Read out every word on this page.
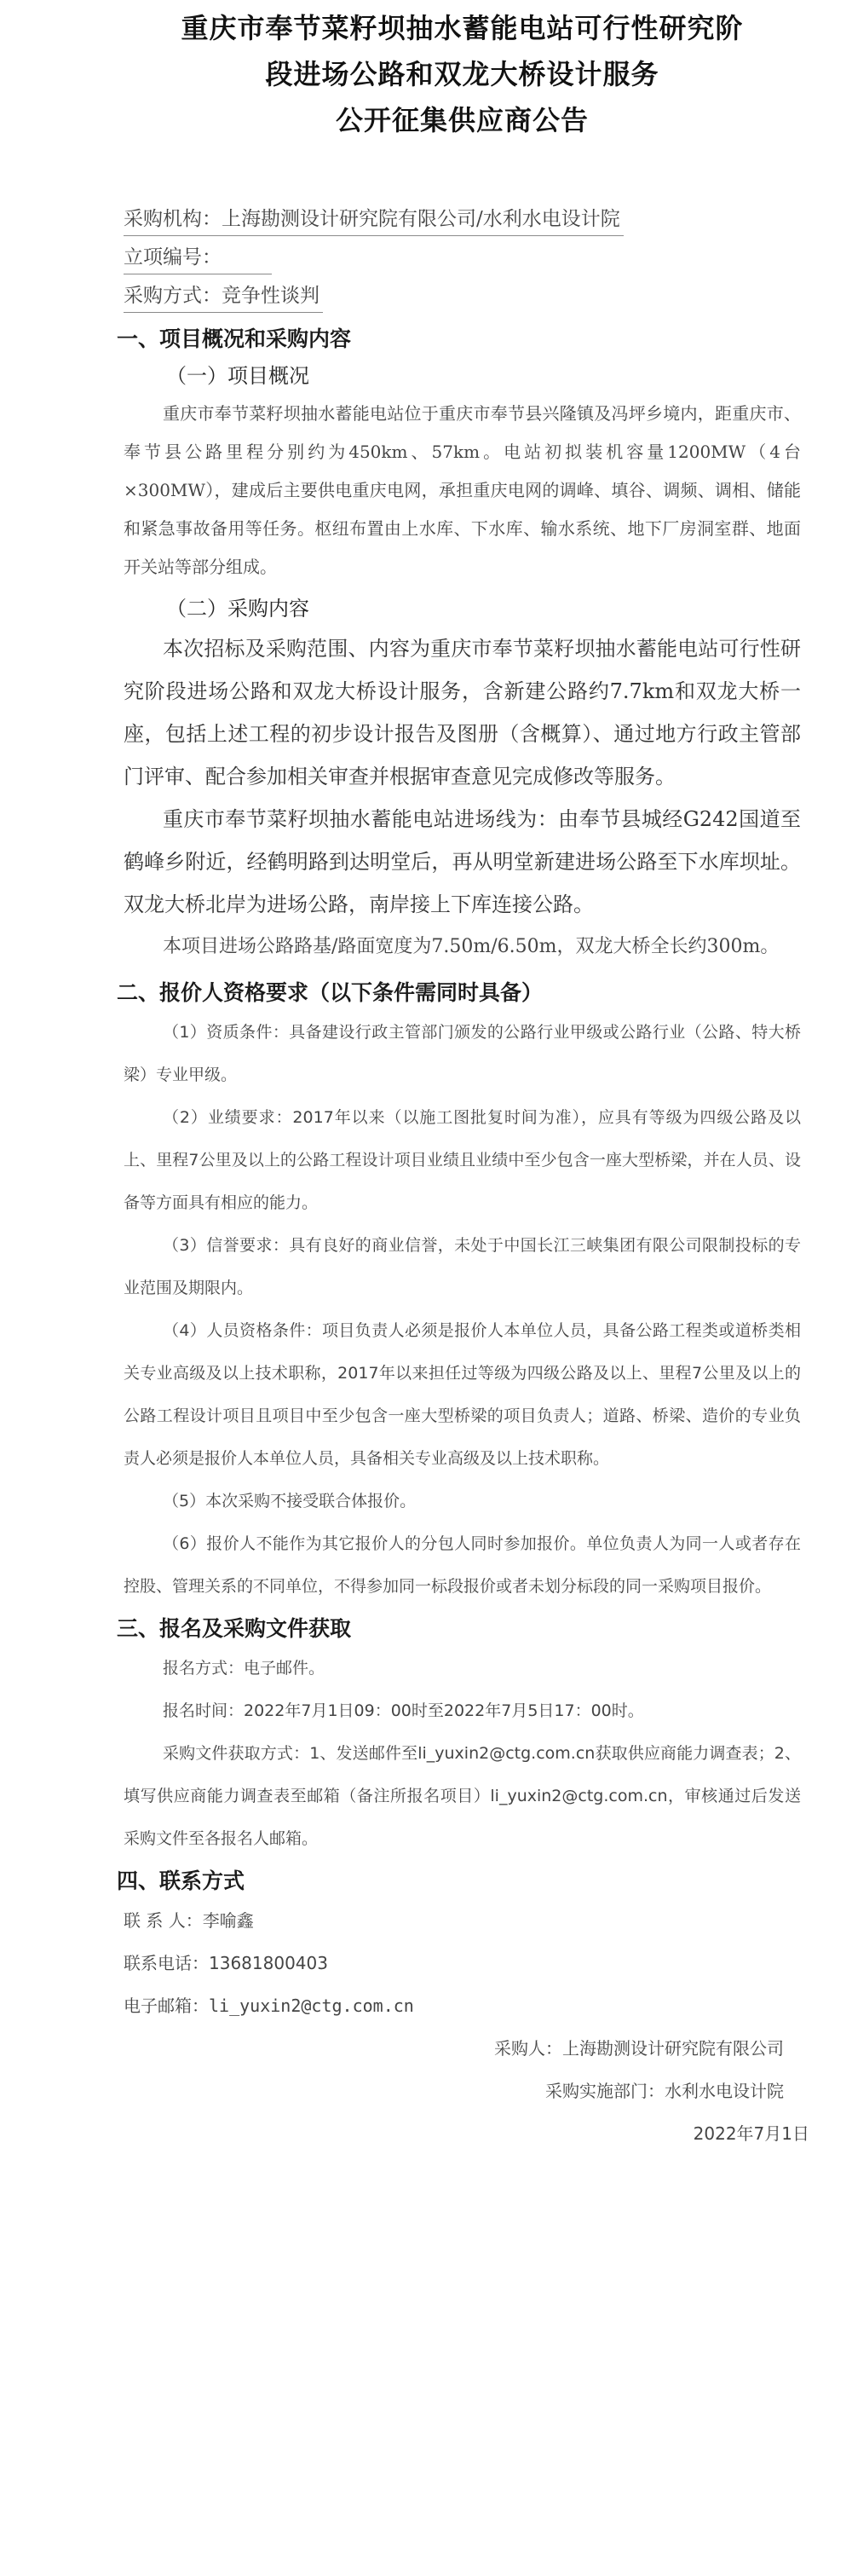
重庆市奉节菜籽坝抽水蓄能电站可行性研究阶
段进场公路和双龙大桥设计服务
公开征集供应商公告
采购机构：上海勘测设计研究院有限公司/水利水电设计院
立项编号：
采购方式：竞争性谈判
一、项目概况和采购内容
（一）项目概况

重庆市奉节菜籽坝抽水蓄能电站位于重庆市奉节县兴隆镇及冯坪乡境内，距重庆市、奉节县公路里程分别约为450km、57km。电站初拟装机容量1200MW（4台×300MW），建成后主要供电重庆电网，承担重庆电网的调峰、填谷、调频、调相、储能和紧急事故备用等任务。枢纽布置由上水库、下水库、输水系统、地下厂房洞室群、地面开关站等部分组成。

（二）采购内容

本次招标及采购范围、内容为重庆市奉节菜籽坝抽水蓄能电站可行性研究阶段进场公路和双龙大桥设计服务，含新建公路约7.7km和双龙大桥一座，包括上述工程的初步设计报告及图册（含概算）、通过地方行政主管部门评审、配合参加相关审查并根据审查意见完成修改等服务。

重庆市奉节菜籽坝抽水蓄能电站进场线为：由奉节县城经G242国道至鹤峰乡附近，经鹤明路到达明堂后，再从明堂新建进场公路至下水库坝址。双龙大桥北岸为进场公路，南岸接上下库连接公路。

本项目进场公路路基/路面宽度为7.50m/6.50m，双龙大桥全长约300m。

二、报价人资格要求（以下条件需同时具备）

（1）资质条件：具备建设行政主管部门颁发的公路行业甲级或公路行业（公路、特大桥梁）专业甲级。

（2）业绩要求：2017年以来（以施工图批复时间为准），应具有等级为四级公路及以上、里程7公里及以上的公路工程设计项目业绩且业绩中至少包含一座大型桥梁，并在人员、设备等方面具有相应的能力。

（3）信誉要求：具有良好的商业信誉，未处于中国长江三峡集团有限公司限制投标的专业范围及期限内。

（4）人员资格条件：项目负责人必须是报价人本单位人员，具备公路工程类或道桥类相关专业高级及以上技术职称，2017年以来担任过等级为四级公路及以上、里程7公里及以上的公路工程设计项目且项目中至少包含一座大型桥梁的项目负责人；道路、桥梁、造价的专业负责人必须是报价人本单位人员，具备相关专业高级及以上技术职称。

（5）本次采购不接受联合体报价。

（6）报价人不能作为其它报价人的分包人同时参加报价。单位负责人为同一人或者存在控股、管理关系的不同单位，不得参加同一标段报价或者未划分标段的同一采购项目报价。

三、报名及采购文件获取

报名方式：电子邮件。

报名时间：2022年7月1日09：00时至2022年7月5日17：00时。

采购文件获取方式：1、发送邮件至li_yuxin2@ctg.com.cn获取供应商能力调查表；2、填写供应商能力调查表至邮箱（备注所报名项目）li_yuxin2@ctg.com.cn，审核通过后发送采购文件至各报名人邮箱。

四、联系方式
联 系 人：李喻鑫
联系电话：13681800403
电子邮箱：li_yuxin2@ctg.com.cn
采购人：上海勘测设计研究院有限公司
采购实施部门：水利水电设计院
2022年7月1日
